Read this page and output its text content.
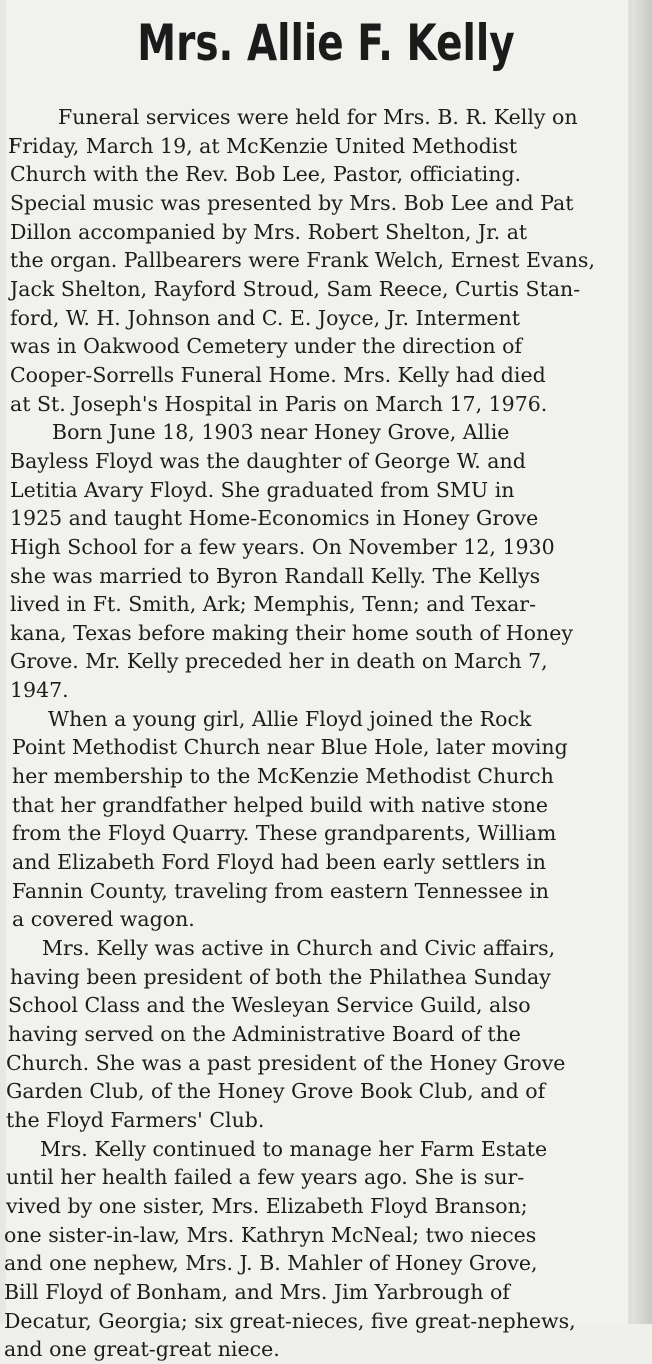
Mrs. Allie F. Kelly
Funeral services were held for Mrs. B. R. Kelly on
Friday, March 19, at McKenzie United Methodist
Church with the Rev. Bob Lee, Pastor, officiating.
Special music was presented by Mrs. Bob Lee and Pat
Dillon accompanied by Mrs. Robert Shelton, Jr. at
the organ. Pallbearers were Frank Welch, Ernest Evans,
Jack Shelton, Rayford Stroud, Sam Reece, Curtis Stan-
ford, W. H. Johnson and C. E. Joyce, Jr. Interment
was in Oakwood Cemetery under the direction of
Cooper-Sorrells Funeral Home. Mrs. Kelly had died
at St. Joseph's Hospital in Paris on March 17, 1976.
Born June 18, 1903 near Honey Grove, Allie
Bayless Floyd was the daughter of George W. and
Letitia Avary Floyd. She graduated from SMU in
1925 and taught Home-Economics in Honey Grove
High School for a few years. On November 12, 1930
she was married to Byron Randall Kelly. The Kellys
lived in Ft. Smith, Ark; Memphis, Tenn; and Texar-
kana, Texas before making their home south of Honey
Grove. Mr. Kelly preceded her in death on March 7,
1947.
When a young girl, Allie Floyd joined the Rock
Point Methodist Church near Blue Hole, later moving
her membership to the McKenzie Methodist Church
that her grandfather helped build with native stone
from the Floyd Quarry. These grandparents, William
and Elizabeth Ford Floyd had been early settlers in
Fannin County, traveling from eastern Tennessee in
a covered wagon.
Mrs. Kelly was active in Church and Civic affairs,
having been president of both the Philathea Sunday
School Class and the Wesleyan Service Guild, also
having served on the Administrative Board of the
Church. She was a past president of the Honey Grove
Garden Club, of the Honey Grove Book Club, and of
the Floyd Farmers' Club.
Mrs. Kelly continued to manage her Farm Estate
until her health failed a few years ago. She is sur-
vived by one sister, Mrs. Elizabeth Floyd Branson;
one sister-in-law, Mrs. Kathryn McNeal; two nieces
and one nephew, Mrs. J. B. Mahler of Honey Grove,
Bill Floyd of Bonham, and Mrs. Jim Yarbrough of
Decatur, Georgia; six great-nieces, five great-nephews,
and one great-great niece.
